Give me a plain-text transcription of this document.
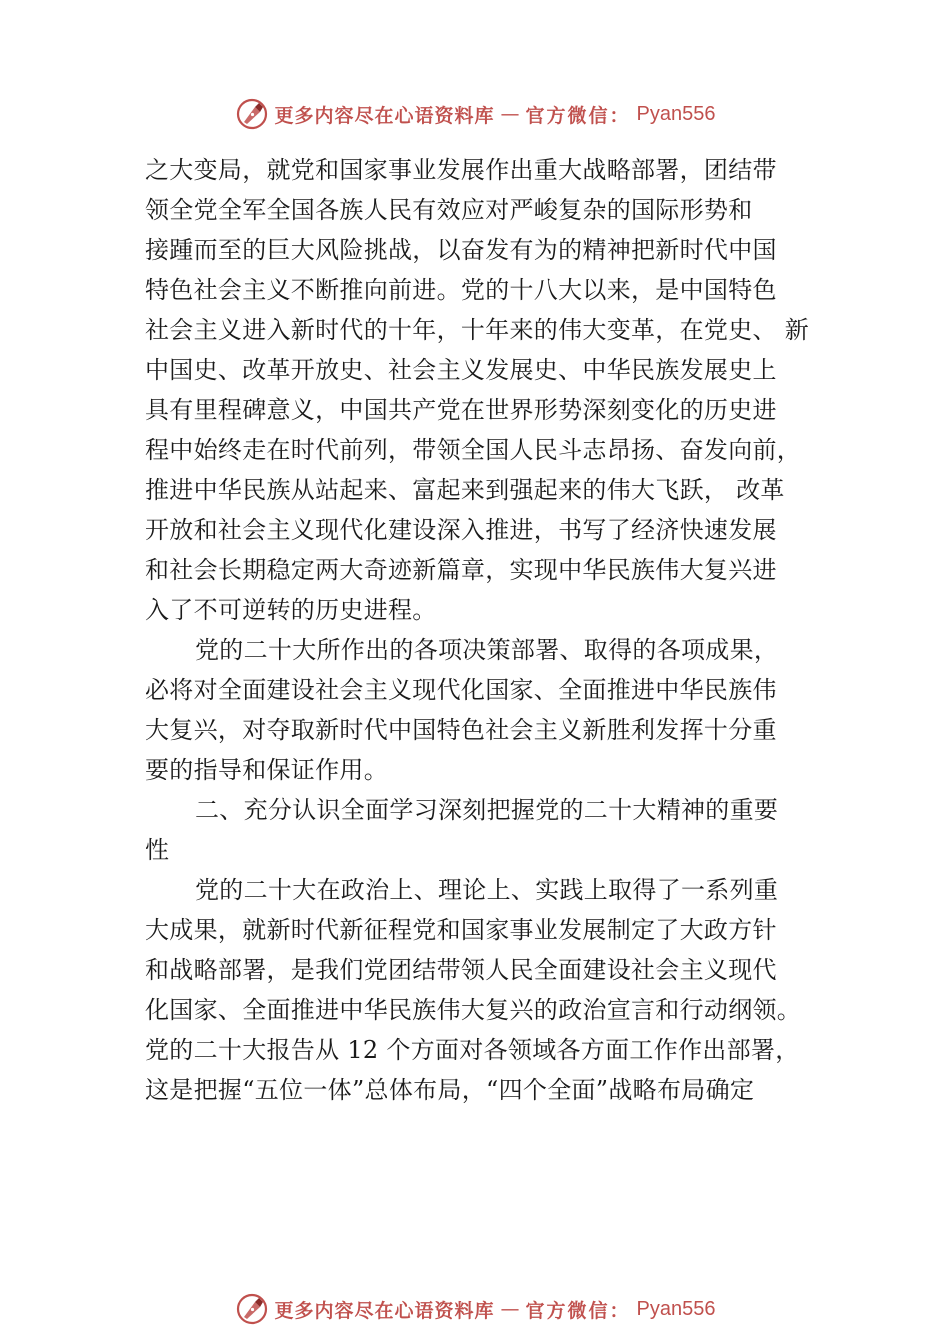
更多内容尽在心语资料库 — 官方微信： Pyan556
之大变局，就党和国家事业发展作出重大战略部署，团结带
领全党全军全国各族人民有效应对严峻复杂的国际形势和
接踵而至的巨大风险挑战，以奋发有为的精神把新时代中国
特色社会主义不断推向前进。党的十八大以来，是中国特色
社会主义进入新时代的十年，十年来的伟大变革，在党史、 新
中国史、改革开放史、社会主义发展史、中华民族发展史上
具有里程碑意义，中国共产党在世界形势深刻变化的历史进
程中始终走在时代前列，带领全国人民斗志昂扬、奋发向前，
推进中华民族从站起来、富起来到强起来的伟大飞跃， 改革
开放和社会主义现代化建设深入推进，书写了经济快速发展
和社会长期稳定两大奇迹新篇章，实现中华民族伟大复兴进
入了不可逆转的历史进程。
党的二十大所作出的各项决策部署、取得的各项成果，
必将对全面建设社会主义现代化国家、全面推进中华民族伟
大复兴，对夺取新时代中国特色社会主义新胜利发挥十分重
要的指导和保证作用。
二、充分认识全面学习深刻把握党的二十大精神的重要
性
党的二十大在政治上、理论上、实践上取得了一系列重
大成果，就新时代新征程党和国家事业发展制定了大政方针
和战略部署，是我们党团结带领人民全面建设社会主义现代
化国家、全面推进中华民族伟大复兴的政治宣言和行动纲领。
党的二十大报告从 12 个方面对各领域各方面工作作出部署，
这是把握“五位一体”总体布局，“四个全面”战略布局确定
更多内容尽在心语资料库 — 官方微信： Pyan556
